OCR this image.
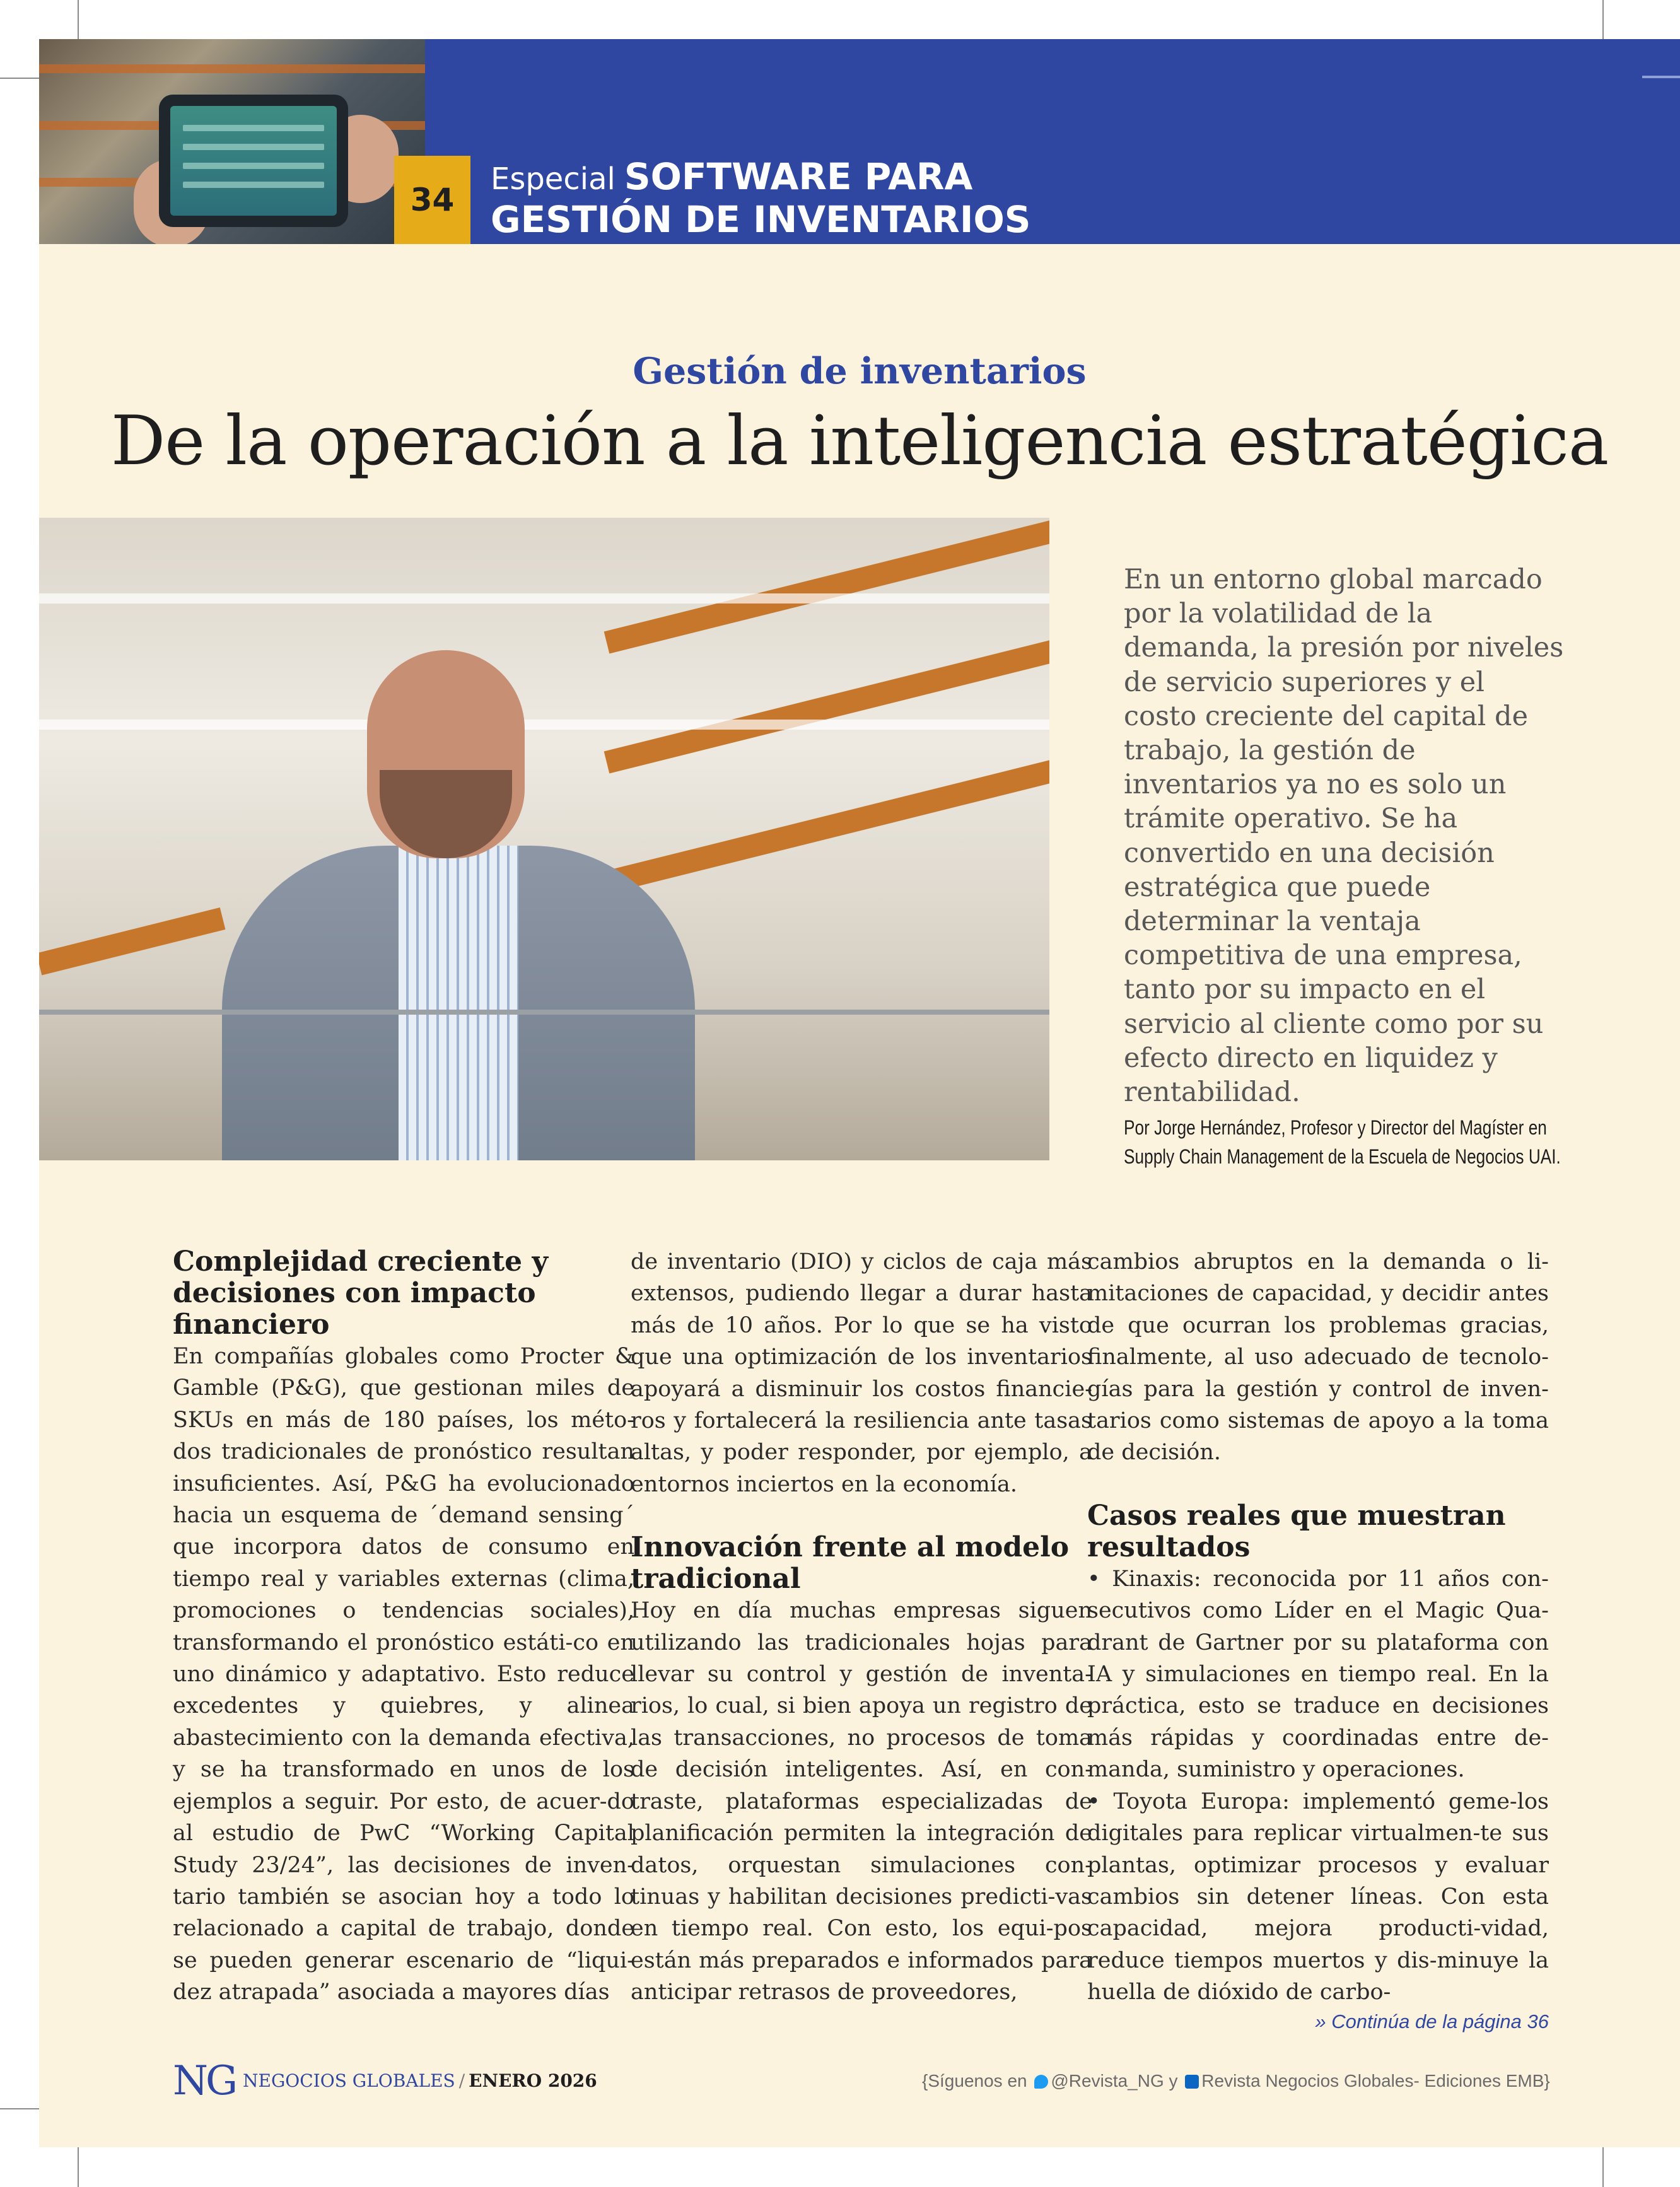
34
Especial SOFTWARE PARA
GESTIÓN DE INVENTARIOS
Gestión de inventarios
De la operación a la inteligencia estratégica

En un entorno global marcado por la volatilidad de la demanda, la presión por niveles de servicio superiores y el costo creciente del capital de trabajo, la gestión de inventarios ya no es solo un trámite operativo. Se ha convertido en una decisión estratégica que puede determinar la ventaja competitiva de una empresa, tanto por su impacto en el servicio al cliente como por su efecto directo en liquidez y rentabilidad.

Por Jorge Hernández, Profesor y Director del Magíster en Supply Chain Management de la Escuela de Negocios UAI.

Complejidad creciente y decisiones con impacto financiero

En compañías globales como Procter & Gamble (P&G), que gestionan miles de SKUs en más de 180 países, los méto-dos tradicionales de pronóstico resultan insuficientes. Así, P&G ha evolucionado hacia un esquema de ´demand sensing´ que incorpora datos de consumo en tiempo real y variables externas (clima, promociones o tendencias sociales), transformando el pronóstico estáti-co en uno dinámico y adaptativo. Esto reduce excedentes y quiebres, y alinea abastecimiento con la demanda efectiva, y se ha transformado en unos de los ejemplos a seguir. Por esto, de acuer-do al estudio de PwC “Working Capital Study 23/24”, las decisiones de inven-tario también se asocian hoy a todo lo relacionado a capital de trabajo, donde se pueden generar escenario de “liqui-dez atrapada” asociada a mayores días

de inventario (DIO) y ciclos de caja más extensos, pudiendo llegar a durar hasta más de 10 años. Por lo que se ha visto que una optimización de los inventarios apoyará a disminuir los costos financie-ros y fortalecerá la resiliencia ante tasas altas, y poder responder, por ejemplo, a entornos inciertos en la economía.

Innovación frente al modelo tradicional

Hoy en día muchas empresas siguen utilizando las tradicionales hojas para llevar su control y gestión de inventa-rios, lo cual, si bien apoya un registro de las transacciones, no procesos de toma de decisión inteligentes. Así, en con-traste, plataformas especializadas de planificación permiten la integración de datos, orquestan simulaciones con-tinuas y habilitan decisiones predicti-vas en tiempo real. Con esto, los equi-pos están más preparados e informados para anticipar retrasos de proveedores,

cambios abruptos en la demanda o li-mitaciones de capacidad, y decidir antes de que ocurran los problemas gracias, finalmente, al uso adecuado de tecnolo-gías para la gestión y control de inven-tarios como sistemas de apoyo a la toma de decisión.

Casos reales que muestran resultados

• Kinaxis: reconocida por 11 años con-secutivos como Líder en el Magic Qua-drant de Gartner por su plataforma con IA y simulaciones en tiempo real. En la práctica, esto se traduce en decisiones más rápidas y coordinadas entre de-manda, suministro y operaciones.
• Toyota Europa: implementó geme-los digitales para replicar virtualmen-te sus plantas, optimizar procesos y evaluar cambios sin detener líneas. Con esta capacidad, mejora producti-vidad, reduce tiempos muertos y dis-minuye la huella de dióxido de carbo-

» Continúa de la página 36
NG NEGOCIOS GLOBALES / ENERO 2026	{Síguenos en @Revista_NG y Revista Negocios Globales- Ediciones EMB}
